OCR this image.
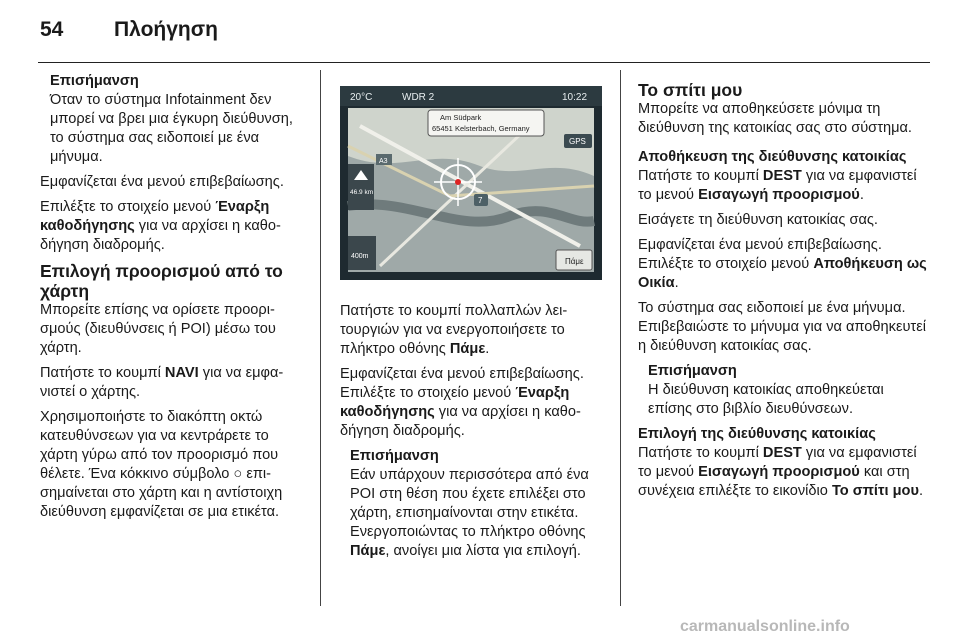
54 Πλοήγηση
Επισήμανση
Όταν το σύστημα Infotainment δεν μπορεί να βρει μια έγκυρη διεύθυνση, το σύστημα σας ειδοποιεί με ένα μήνυμα.

Εμφανίζεται ένα μενού επιβεβαίωσης.

Επιλέξτε το στοιχείο μενού Έναρξη καθοδήγησης για να αρχίσει η καθοδήγηση διαδρομής.

Επιλογή προορισμού από το χάρτη

Μπορείτε επίσης να ορίσετε προορισμούς (διευθύνσεις ή POI) μέσω του χάρτη.

Πατήστε το κουμπί NAVI για να εμφανιστεί ο χάρτης.

Χρησιμοποιήστε το διακόπτη οκτώ κατευθύνσεων για να κεντράρετε το χάρτη γύρω από τον προορισμό που θέλετε. Ένα κόκκινο σύμβολο ○ επισημαίνεται στο χάρτη και η αντίστοιχη διεύθυνση εμφανίζεται σε μια ετικέτα.

20°C	WDR 2	10:22
Am Südpark
65451 Kelsterbach, Germany
GPS
A3
7
46.9 km
400m
Πάμε

Πατήστε το κουμπί πολλαπλών λειτουργιών για να ενεργοποιήσετε το πλήκτρο οθόνης Πάμε.

Εμφανίζεται ένα μενού επιβεβαίωσης.

Επιλέξτε το στοιχείο μενού Έναρξη καθοδήγησης για να αρχίσει η καθοδήγηση διαδρομής.

Επισήμανση
Εάν υπάρχουν περισσότερα από ένα POI στη θέση που έχετε επιλέξει στο χάρτη, επισημαίνονται στην ετικέτα. Ενεργοποιώντας το πλήκτρο οθόνης Πάμε, ανοίγει μια λίστα για επιλογή.
Το σπίτι μου

Μπορείτε να αποθηκεύσετε μόνιμα τη διεύθυνση της κατοικίας σας στο σύστημα.

Αποθήκευση της διεύθυνσης κατοικίας

Πατήστε το κουμπί DEST για να εμφανιστεί το μενού Εισαγωγή προορισμού.

Εισάγετε τη διεύθυνση κατοικίας σας.

Εμφανίζεται ένα μενού επιβεβαίωσης.

Επιλέξτε το στοιχείο μενού Αποθήκευση ως Οικία.

Το σύστημα σας ειδοποιεί με ένα μήνυμα. Επιβεβαιώστε το μήνυμα για να αποθηκευτεί η διεύθυνση κατοικίας σας.

Επισήμανση
Η διεύθυνση κατοικίας αποθηκεύεται επίσης στο βιβλίο διευθύνσεων.
Επιλογή της διεύθυνσης κατοικίας

Πατήστε το κουμπί DEST για να εμφανιστεί το μενού Εισαγωγή προορισμού και στη συνέχεια επιλέξτε το εικονίδιο Το σπίτι μου.

carmanualsonline.info
